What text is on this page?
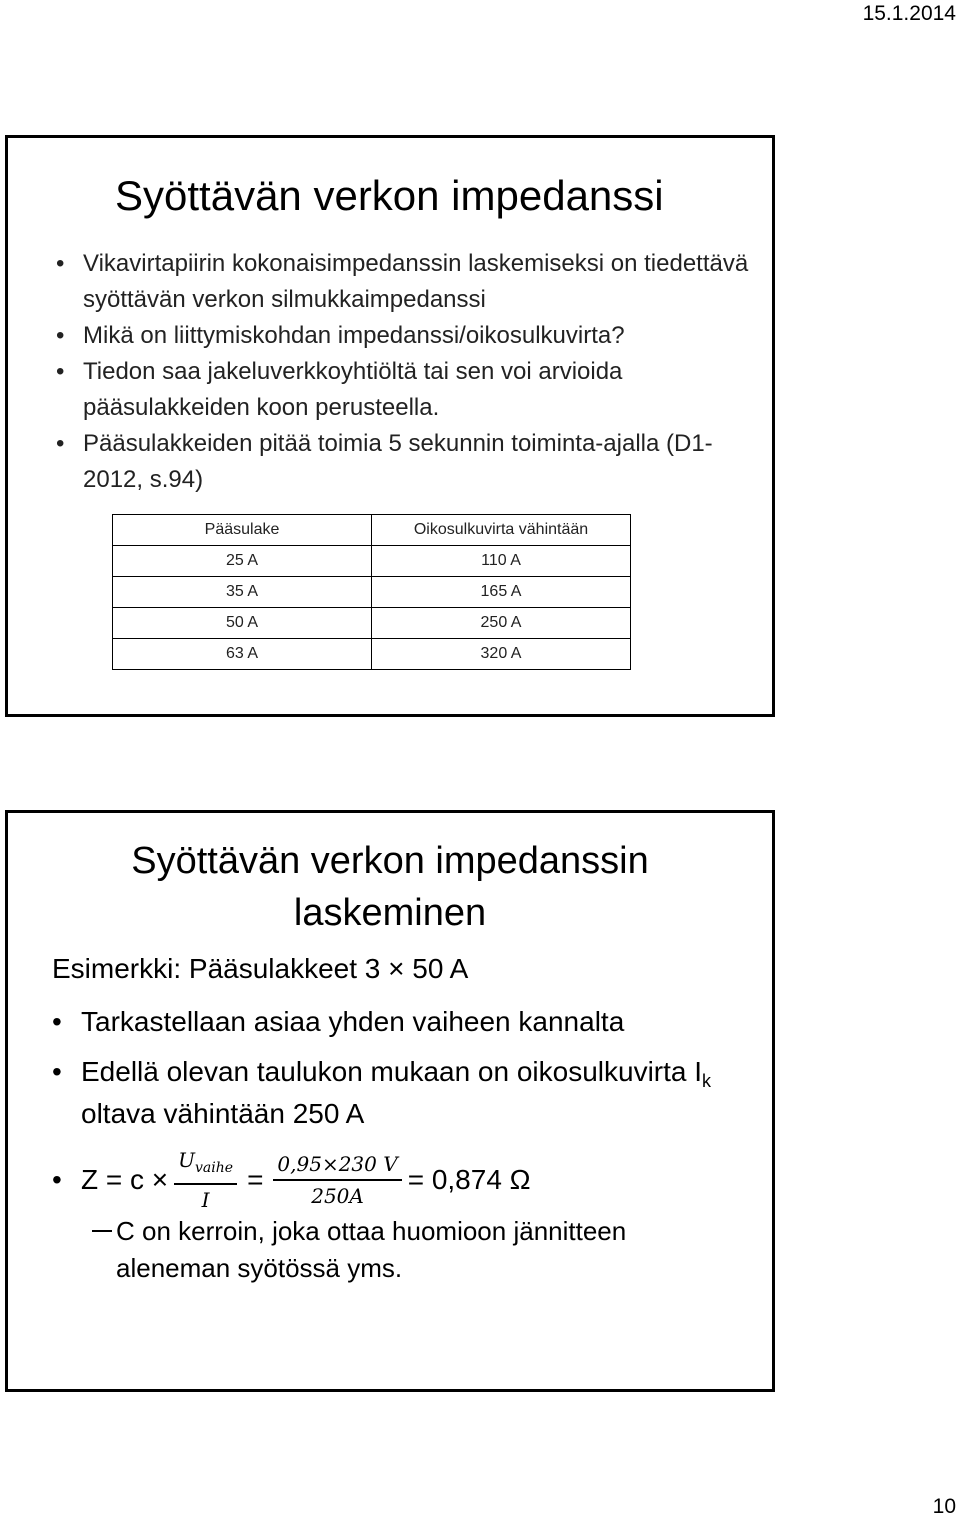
15.1.2014
Syöttävän verkon impedanssi
• Vikavirtapiirin kokonaisimpedanssin laskemiseksi on tiedettävä syöttävän verkon silmukkaimpedanssi
• Mikä on liittymiskohdan impedanssi/oikosulkuvirta?
• Tiedon saa jakeluverkkoyhtiöltä tai sen voi arvioida pääsulakkeiden koon perusteella.
• Pääsulakkeiden pitää toimia 5 sekunnin toiminta-ajalla (D1-2012, s.94)
Pääsulake	Oikosulkuvirta vähintään
25 A	110 A
35 A	165 A
50 A	250 A
63 A	320 A
Syöttävän verkon impedanssin
laskeminen
Esimerkki: Pääsulakkeet 3 × 50 A
• Tarkastellaan asiaa yhden vaiheen kannalta
• Edellä olevan taulukon mukaan on oikosulkuvirta $I_k$ oltava vähintään 250 A
• $Z = c \times \frac{U_{vaihe}}{I} = \frac{0,95\times 230 V}{250A} = 0,874$ Ω
C on kerroin, joka ottaa huomioon jännitteen aleneman syötössä yms.
10
